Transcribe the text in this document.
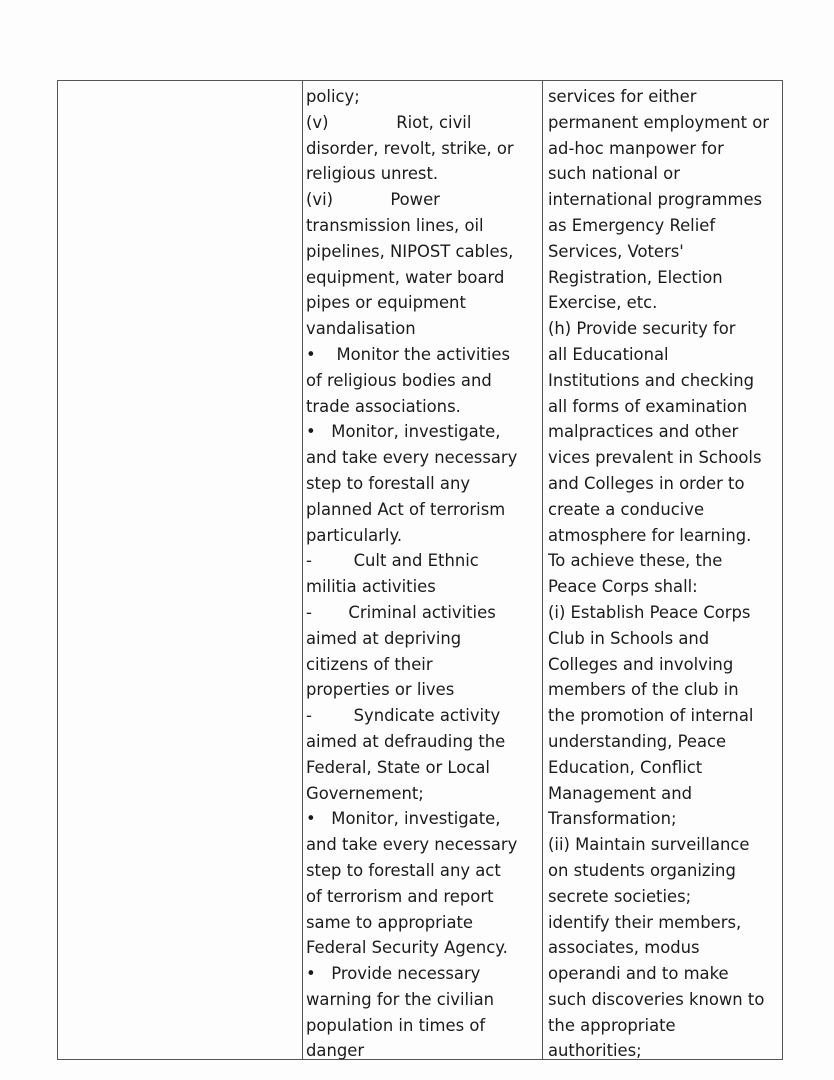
policy;
(v)             Riot, civil
disorder, revolt, strike, or
religious unrest.
(vi)           Power
transmission lines, oil
pipelines, NIPOST cables,
equipment, water board
pipes or equipment
vandalisation
•    Monitor the activities
of religious bodies and
trade associations.
•   Monitor, investigate,
and take every necessary
step to forestall any
planned Act of terrorism
particularly.
-        Cult and Ethnic
militia activities
-       Criminal activities
aimed at depriving
citizens of their
properties or lives
-        Syndicate activity
aimed at defrauding the
Federal, State or Local
Governement;
•   Monitor, investigate,
and take every necessary
step to forestall any act
of terrorism and report
same to appropriate
Federal Security Agency.
•   Provide necessary
warning for the civilian
population in times of
danger
services for either
permanent employment or
ad-hoc manpower for
such national or
international programmes
as Emergency Relief
Services, Voters'
Registration, Election
Exercise, etc.
(h) Provide security for
all Educational
Institutions and checking
all forms of examination
malpractices and other
vices prevalent in Schools
and Colleges in order to
create a conducive
atmosphere for learning.
To achieve these, the
Peace Corps shall:
(i) Establish Peace Corps
Club in Schools and
Colleges and involving
members of the club in
the promotion of internal
understanding, Peace
Education, Conflict
Management and
Transformation;
(ii) Maintain surveillance
on students organizing
secrete societies;
identify their members,
associates, modus
operandi and to make
such discoveries known to
the appropriate
authorities;
